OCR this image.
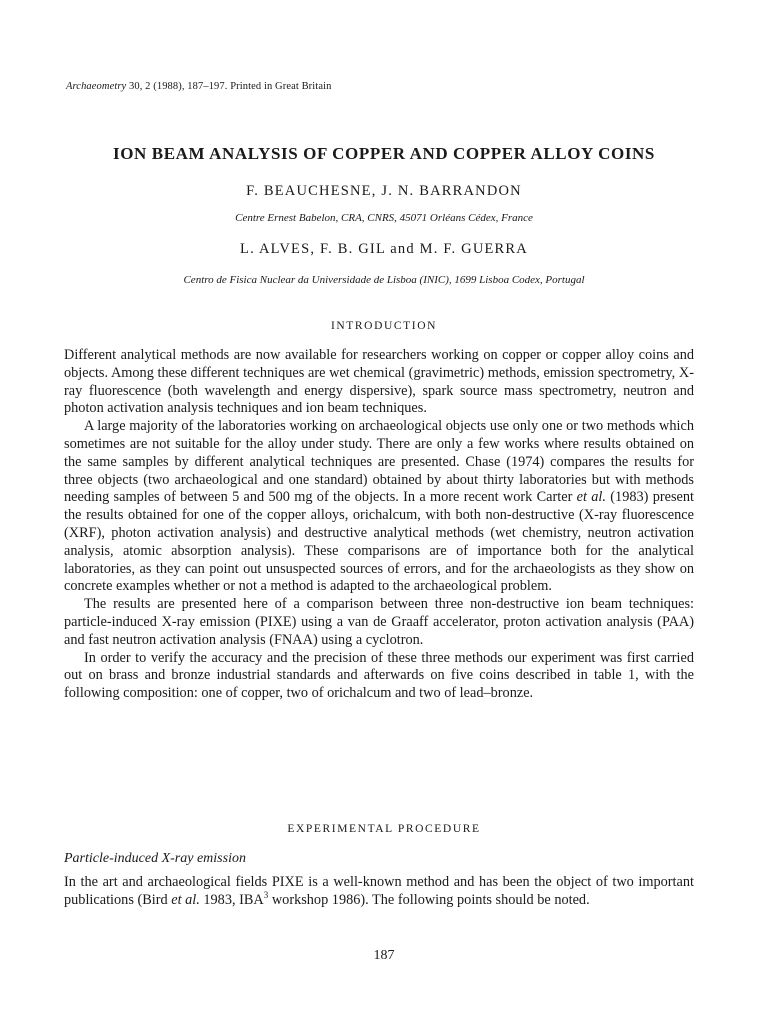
Archaeometry 30, 2 (1988), 187–197. Printed in Great Britain
ION BEAM ANALYSIS OF COPPER AND COPPER ALLOY COINS
F. BEAUCHESNE, J. N. BARRANDON
Centre Ernest Babelon, CRA, CNRS, 45071 Orléans Cédex, France
L. ALVES, F. B. GIL and M. F. GUERRA
Centro de Fisica Nuclear da Universidade de Lisboa (INIC), 1699 Lisboa Codex, Portugal
INTRODUCTION

Different analytical methods are now available for researchers working on copper or copper alloy coins and objects. Among these different techniques are wet chemical (gravimetric) methods, emission spectrometry, X-ray fluorescence (both wavelength and energy dispersive), spark source mass spectrometry, neutron and photon activation analysis techniques and ion beam techniques.

A large majority of the laboratories working on archaeological objects use only one or two methods which sometimes are not suitable for the alloy under study. There are only a few works where results obtained on the same samples by different analytical techniques are presented. Chase (1974) compares the results for three objects (two archaeological and one standard) obtained by about thirty laboratories but with methods needing samples of between 5 and 500 mg of the objects. In a more recent work Carter et al. (1983) present the results obtained for one of the copper alloys, orichalcum, with both non-destructive (X-ray fluorescence (XRF), photon activation analysis) and destructive analytical methods (wet chemistry, neutron activation analysis, atomic absorption analysis). These comparisons are of importance both for the analytical laboratories, as they can point out unsuspected sources of errors, and for the archaeologists as they show on concrete examples whether or not a method is adapted to the archaeological problem.

The results are presented here of a comparison between three non-destructive ion beam techniques: particle-induced X-ray emission (PIXE) using a van de Graaff accelerator, proton activation analysis (PAA) and fast neutron activation analysis (FNAA) using a cyclotron.

In order to verify the accuracy and the precision of these three methods our experiment was first carried out on brass and bronze industrial standards and afterwards on five coins described in table 1, with the following composition: one of copper, two of orichalcum and two of lead–bronze.

EXPERIMENTAL PROCEDURE
Particle-induced X-ray emission

In the art and archaeological fields PIXE is a well-known method and has been the object of two important publications (Bird et al. 1983, IBA$^3$ workshop 1986). The following points should be noted.

187
